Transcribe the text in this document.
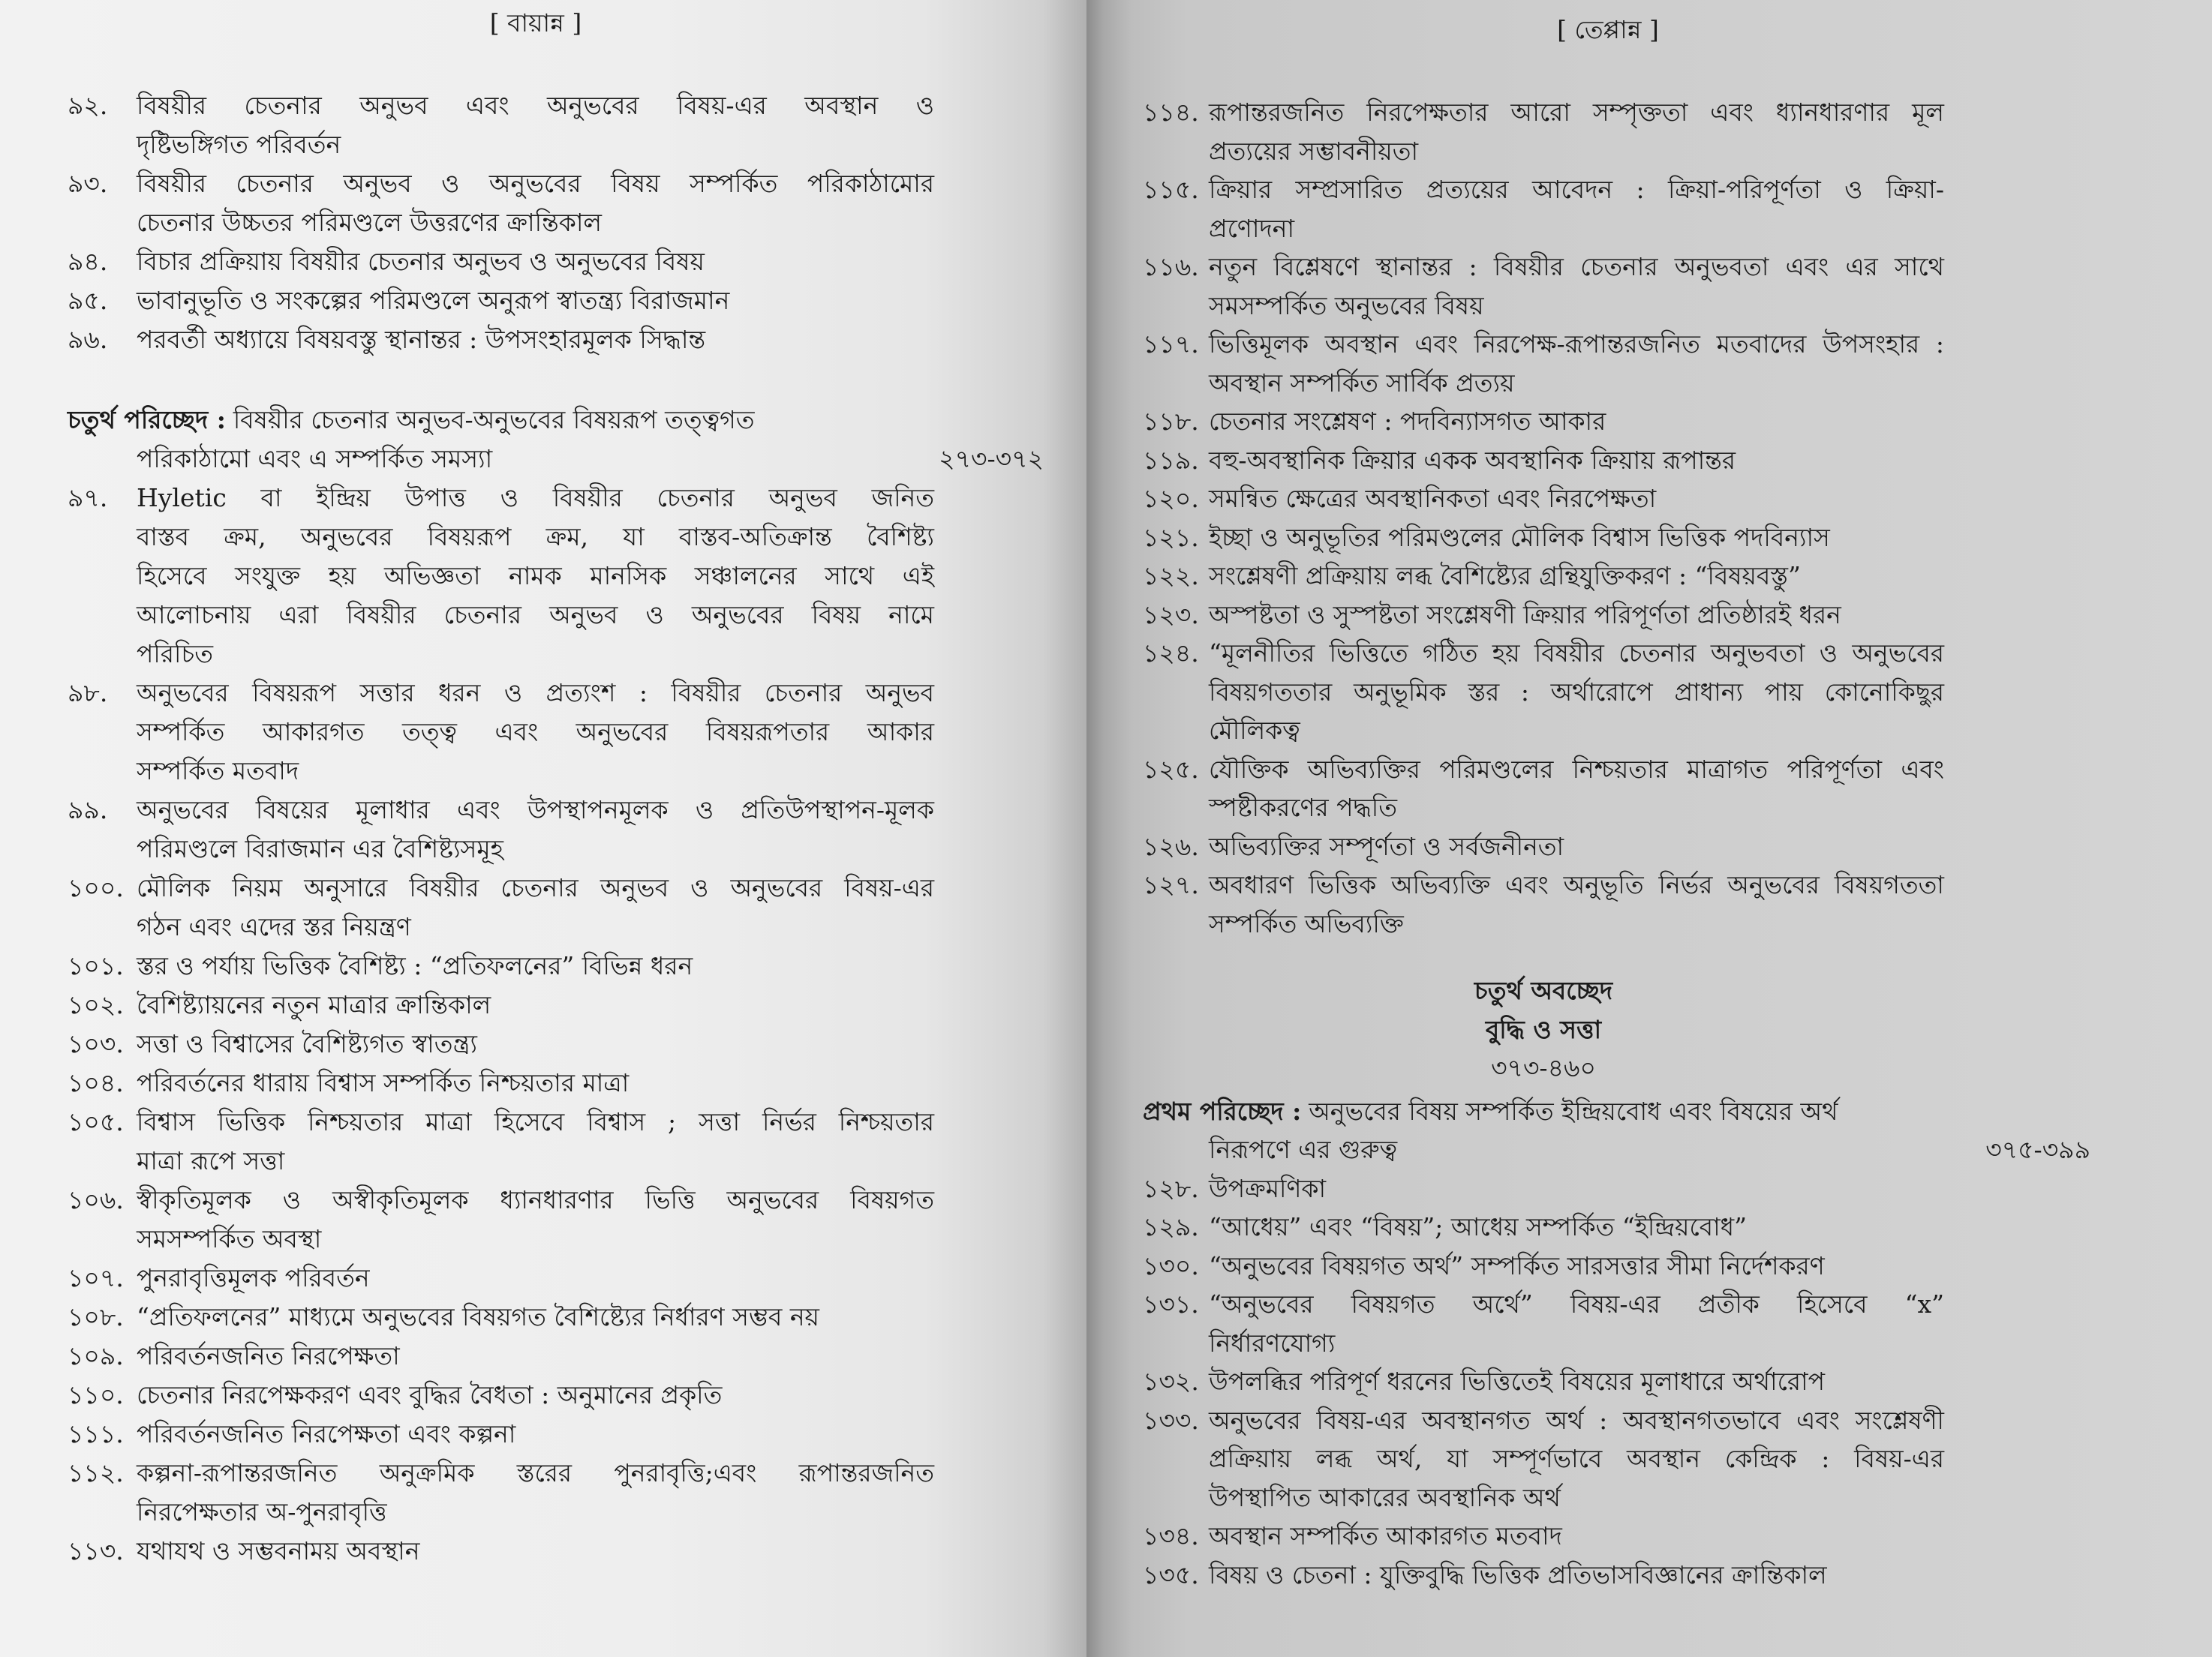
[ বায়ান্ন ]
৯২.	বিষয়ীর চেতনার অনুভব এবং অনুভবের বিষয়-এর অবস্থান ও
দৃষ্টিভঙ্গিগত পরিবর্তন
৯৩.	বিষয়ীর চেতনার অনুভব ও অনুভবের বিষয় সম্পর্কিত পরিকাঠামোর
চেতনার উচ্চতর পরিমণ্ডলে উত্তরণের ক্রান্তিকাল
৯৪.	বিচার প্রক্রিয়ায় বিষয়ীর চেতনার অনুভব ও অনুভবের বিষয়
৯৫.	ভাবানুভূতি ও সংকল্পের পরিমণ্ডলে অনুরূপ স্বাতন্ত্র্য বিরাজমান
৯৬.	পরবর্তী অধ্যায়ে বিষয়বস্তু স্থানান্তর : উপসংহারমূলক সিদ্ধান্ত
চতুর্থ পরিচ্ছেদ : বিষয়ীর চেতনার অনুভব-অনুভবের বিষয়রূপ তত্ত্বগত
পরিকাঠামো এবং এ সম্পর্কিত সমস্যা	২৭৩-৩৭২
৯৭.	Hyletic বা ইন্দ্রিয় উপাত্ত ও বিষয়ীর চেতনার অনুভব জনিত
বাস্তব ক্রম, অনুভবের বিষয়রূপ ক্রম, যা বাস্তব-অতিক্রান্ত বৈশিষ্ট্য
হিসেবে সংযুক্ত হয় অভিজ্ঞতা নামক মানসিক সঞ্চালনের সাথে এই
আলোচনায় এরা বিষয়ীর চেতনার অনুভব ও অনুভবের বিষয় নামে
পরিচিত
৯৮.	অনুভবের বিষয়রূপ সত্তার ধরন ও প্রত্যংশ : বিষয়ীর চেতনার অনুভব
সম্পর্কিত আকারগত তত্ত্ব এবং অনুভবের বিষয়রূপতার আকার
সম্পর্কিত মতবাদ
৯৯.	অনুভবের বিষয়ের মূলাধার এবং উপস্থাপনমূলক ও প্রতিউপস্থাপন-মূলক
পরিমণ্ডলে বিরাজমান এর বৈশিষ্ট্যসমূহ
১০০. মৌলিক নিয়ম অনুসারে বিষয়ীর চেতনার অনুভব ও অনুভবের বিষয়-এর
গঠন এবং এদের স্তর নিয়ন্ত্রণ
১০১. স্তর ও পর্যায় ভিত্তিক বৈশিষ্ট্য : “প্রতিফলনের” বিভিন্ন ধরন
১০২. বৈশিষ্ট্যায়নের নতুন মাত্রার ক্রান্তিকাল
১০৩. সত্তা ও বিশ্বাসের বৈশিষ্ট্যগত স্বাতন্ত্র্য
১০৪. পরিবর্তনের ধারায় বিশ্বাস সম্পর্কিত নিশ্চয়তার মাত্রা
১০৫. বিশ্বাস ভিত্তিক নিশ্চয়তার মাত্রা হিসেবে বিশ্বাস ; সত্তা নির্ভর নিশ্চয়তার
মাত্রা রূপে সত্তা
১০৬. স্বীকৃতিমূলক ও অস্বীকৃতিমূলক ধ্যানধারণার ভিত্তি অনুভবের বিষয়গত
সমসম্পর্কিত অবস্থা
১০৭. পুনরাবৃত্তিমূলক পরিবর্তন
১০৮. “প্রতিফলনের” মাধ্যমে অনুভবের বিষয়গত বৈশিষ্ট্যের নির্ধারণ সম্ভব নয়
১০৯. পরিবর্তনজনিত নিরপেক্ষতা
১১০. চেতনার নিরপেক্ষকরণ এবং বুদ্ধির বৈধতা : অনুমানের প্রকৃতি
১১১. পরিবর্তনজনিত নিরপেক্ষতা এবং কল্পনা
১১২. কল্পনা-রূপান্তরজনিত অনুক্রমিক স্তরের পুনরাবৃত্তি;এবং রূপান্তরজনিত
নিরপেক্ষতার অ-পুনরাবৃত্তি
১১৩. যথাযথ ও সম্ভবনাময় অবস্থান
[ তেপ্পান্ন ]
১১৪. রূপান্তরজনিত নিরপেক্ষতার আরো সম্পৃক্ততা এবং ধ্যানধারণার মূল
প্রত্যয়ের সম্ভাবনীয়তা
১১৫. ক্রিয়ার সম্প্রসারিত প্রত্যয়ের আবেদন : ক্রিয়া-পরিপূর্ণতা ও ক্রিয়া-
প্রণোদনা
১১৬. নতুন বিশ্লেষণে স্থানান্তর : বিষয়ীর চেতনার অনুভবতা এবং এর সাথে
সমসম্পর্কিত অনুভবের বিষয়
১১৭. ভিত্তিমূলক অবস্থান এবং নিরপেক্ষ-রূপান্তরজনিত মতবাদের উপসংহার :
অবস্থান সম্পর্কিত সার্বিক প্রত্যয়
১১৮. চেতনার সংশ্লেষণ : পদবিন্যাসগত আকার
১১৯. বহু-অবস্থানিক ক্রিয়ার একক অবস্থানিক ক্রিয়ায় রূপান্তর
১২০. সমন্বিত ক্ষেত্রের অবস্থানিকতা এবং নিরপেক্ষতা
১২১. ইচ্ছা ও অনুভূতির পরিমণ্ডলের মৌলিক বিশ্বাস ভিত্তিক পদবিন্যাস
১২২. সংশ্লেষণী প্রক্রিয়ায় লব্ধ বৈশিষ্ট্যের গ্রন্থিযুক্তিকরণ : “বিষয়বস্তু”
১২৩. অস্পষ্টতা ও সুস্পষ্টতা সংশ্লেষণী ক্রিয়ার পরিপূর্ণতা প্রতিষ্ঠারই ধরন
১২৪. “মূলনীতির ভিত্তিতে গঠিত হয় বিষয়ীর চেতনার অনুভবতা ও অনুভবের
বিষয়গততার অনুভূমিক স্তর : অর্থারোপে প্রাধান্য পায় কোনোকিছুর
মৌলিকত্ব
১২৫. যৌক্তিক অভিব্যক্তির পরিমণ্ডলের নিশ্চয়তার মাত্রাগত পরিপূর্ণতা এবং
স্পষ্টীকরণের পদ্ধতি
১২৬. অভিব্যক্তির সম্পূর্ণতা ও সর্বজনীনতা
১২৭. অবধারণ ভিত্তিক অভিব্যক্তি এবং অনুভূতি নির্ভর অনুভবের বিষয়গততা
সম্পর্কিত অভিব্যক্তি
চতুর্থ অবচ্ছেদ
বুদ্ধি ও সত্তা
৩৭৩-৪৬০
প্রথম পরিচ্ছেদ : অনুভবের বিষয় সম্পর্কিত ইন্দ্রিয়বোধ এবং বিষয়ের অর্থ
নিরূপণে এর গুরুত্ব	৩৭৫-৩৯৯
১২৮. উপক্রমণিকা
১২৯. “আধেয়” এবং “বিষয়”; আধেয় সম্পর্কিত “ইন্দ্রিয়বোধ”
১৩০. “অনুভবের বিষয়গত অর্থ” সম্পর্কিত সারসত্তার সীমা নির্দেশকরণ
১৩১. “অনুভবের বিষয়গত অর্থে” বিষয়-এর প্রতীক হিসেবে “x”
নির্ধারণযোগ্য
১৩২. উপলব্ধির পরিপূর্ণ ধরনের ভিত্তিতেই বিষয়ের মূলাধারে অর্থারোপ
১৩৩. অনুভবের বিষয়-এর অবস্থানগত অর্থ : অবস্থানগতভাবে এবং সংশ্লেষণী
প্রক্রিয়ায় লব্ধ অর্থ, যা সম্পূর্ণভাবে অবস্থান কেন্দ্রিক : বিষয়-এর
উপস্থাপিত আকারের অবস্থানিক অর্থ
১৩৪. অবস্থান সম্পর্কিত আকারগত মতবাদ
১৩৫. বিষয় ও চেতনা : যুক্তিবুদ্ধি ভিত্তিক প্রতিভাসবিজ্ঞানের ক্রান্তিকাল
